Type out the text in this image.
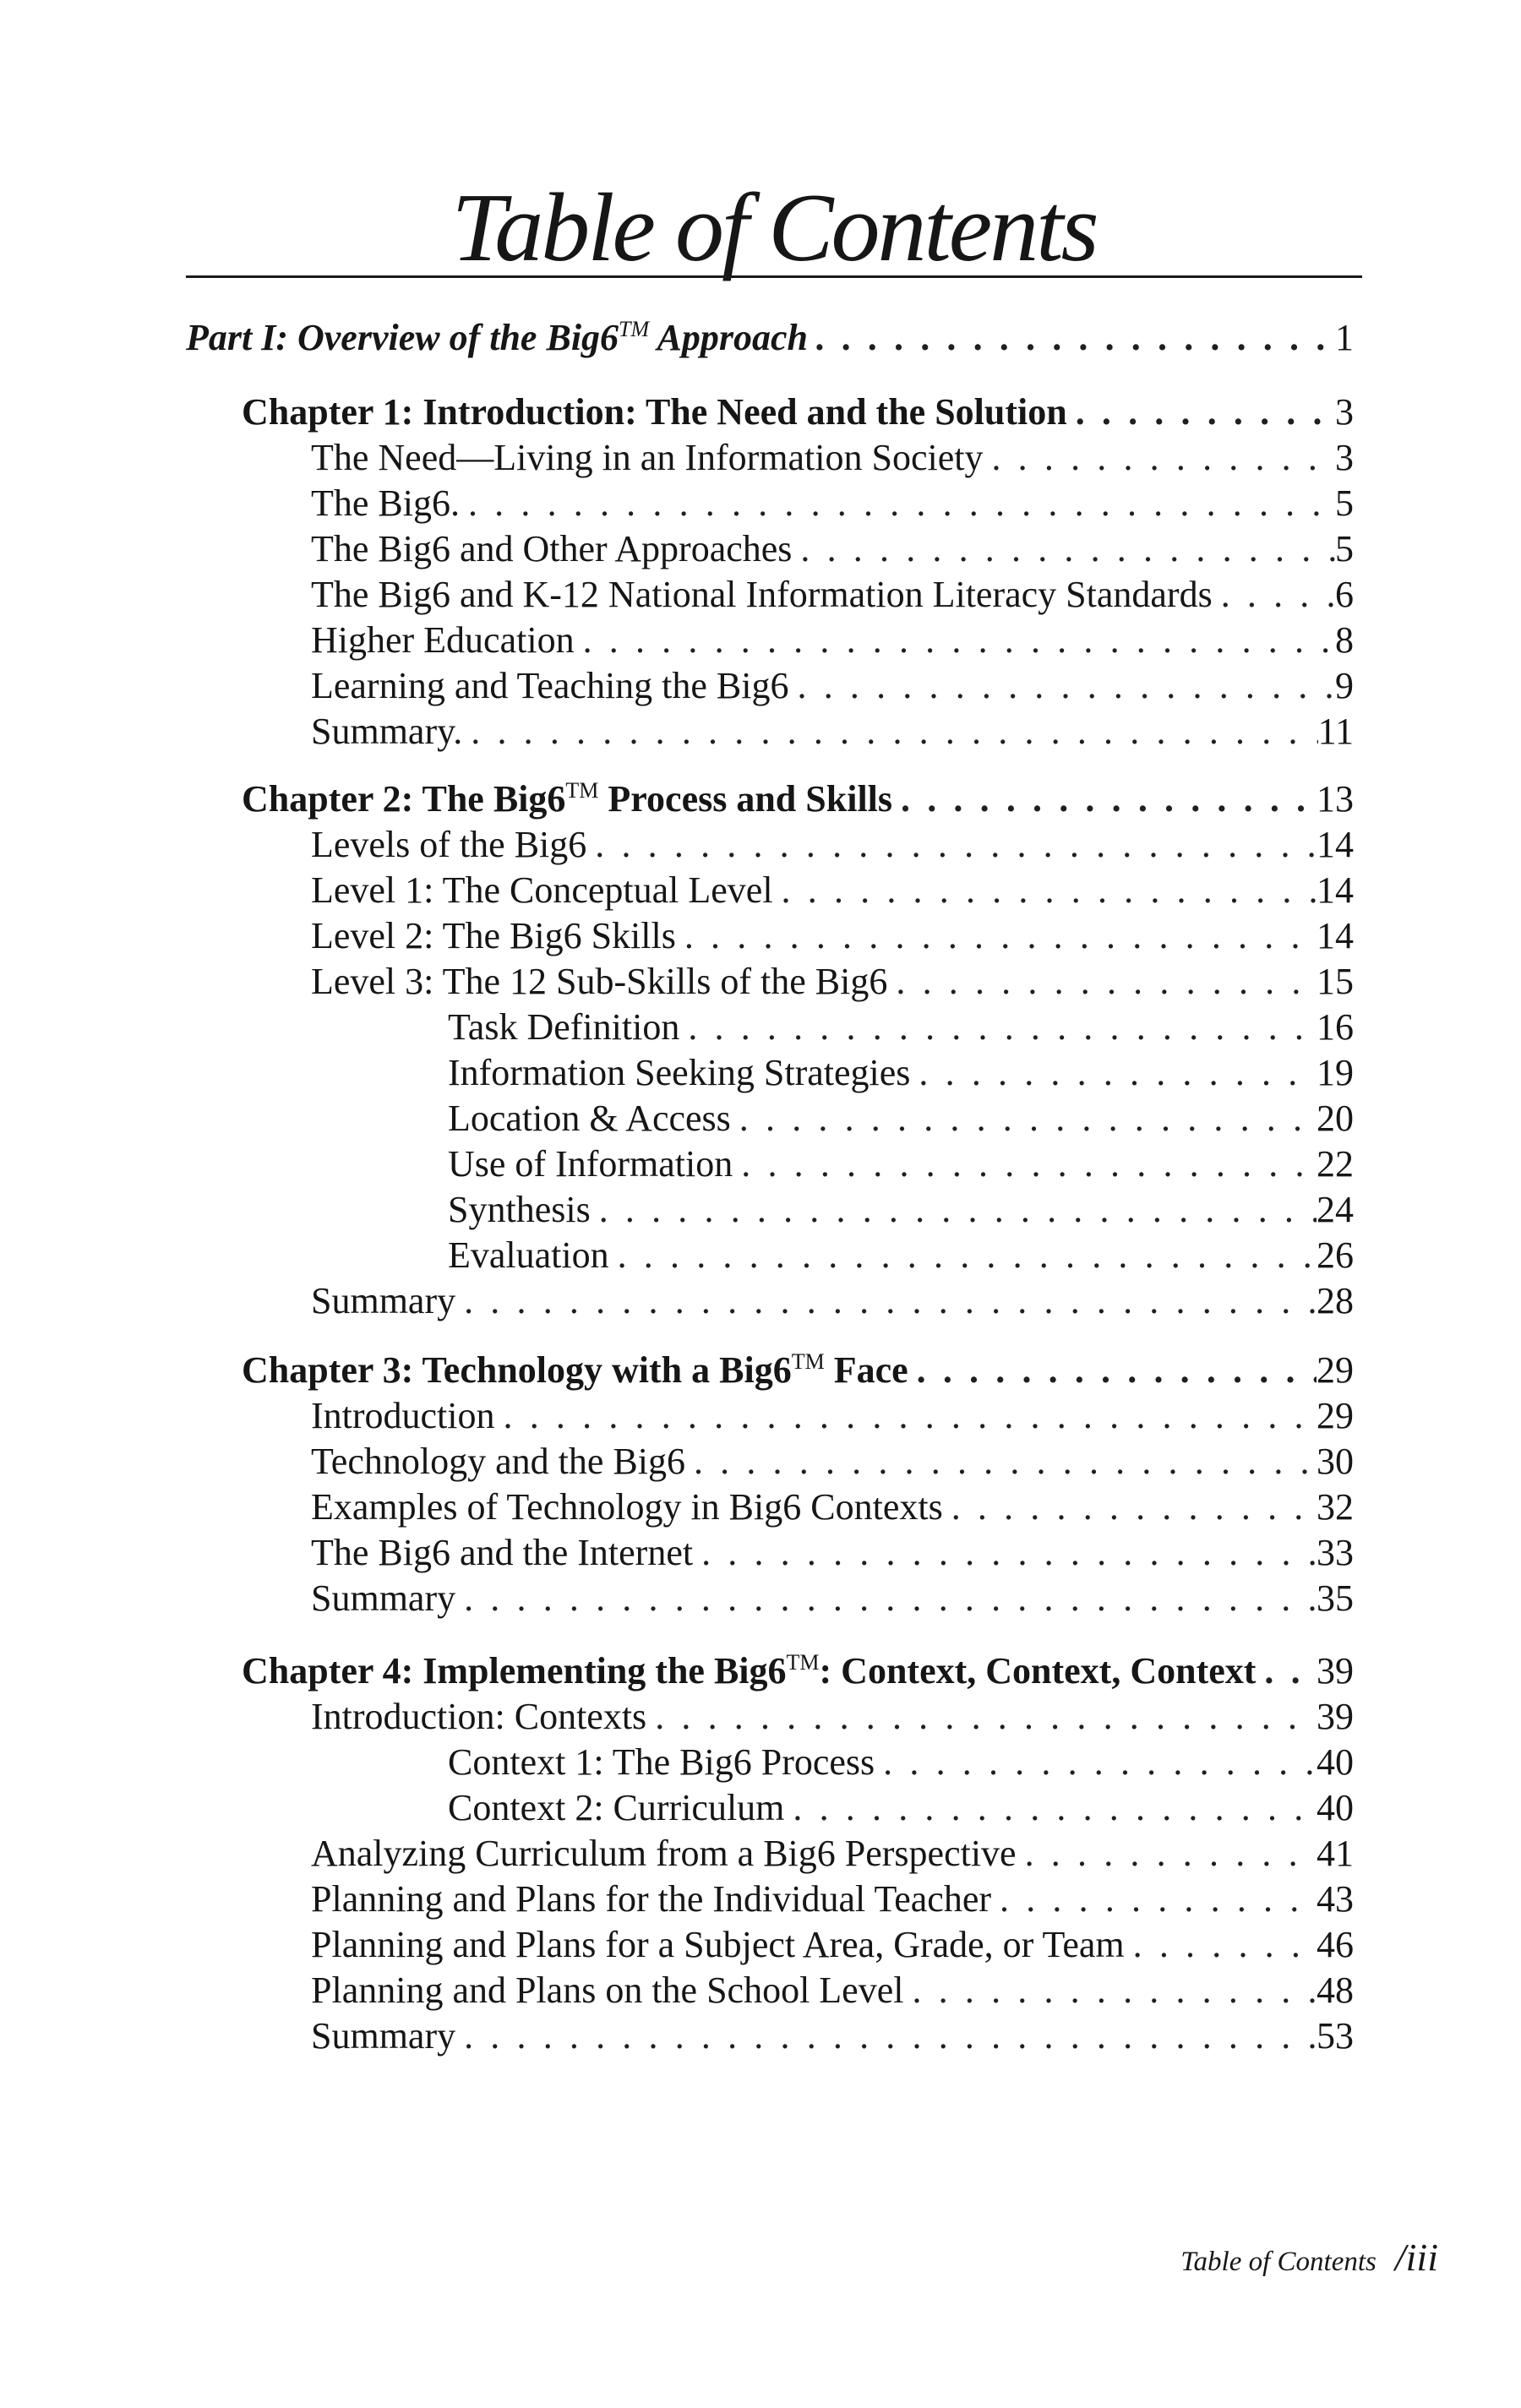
Table of Contents
Part I: Overview of the Big6™ Approach . . .	1
Chapter 1: Introduction: The Need and the Solution . . .	3
The Need—Living in an Information Society . . .	3
The Big6. . . .	5
The Big6 and Other Approaches . . .	5
The Big6 and K-12 National Information Literacy Standards . . .	6
Higher Education . . .	8
Learning and Teaching the Big6 . . .	9
Summary. . . .	11
Chapter 2: The Big6™ Process and Skills . . .	13
Levels of the Big6 . . .	14
Level 1: The Conceptual Level . . .	14
Level 2: The Big6 Skills . . .	14
Level 3: The 12 Sub-Skills of the Big6 . . .	15
Task Definition . . .	16
Information Seeking Strategies . . .	19
Location & Access . . .	20
Use of Information . . .	22
Synthesis . . .	24
Evaluation . . .	26
Summary . . .	28
Chapter 3: Technology with a Big6™ Face . . .	29
Introduction . . .	29
Technology and the Big6 . . .	30
Examples of Technology in Big6 Contexts . . .	32
The Big6 and the Internet . . .	33
Summary . . .	35
Chapter 4: Implementing the Big6™: Context, Context, Context . . . 39
Introduction: Contexts . . .	39
Context 1: The Big6 Process . . .	40
Context 2: Curriculum . . .	40
Analyzing Curriculum from a Big6 Perspective . . .	41
Planning and Plans for the Individual Teacher . . .	43
Planning and Plans for a Subject Area, Grade, or Team . . .	46
Planning and Plans on the School Level . . .	48
Summary . . .	53
Table of Contents /iii
